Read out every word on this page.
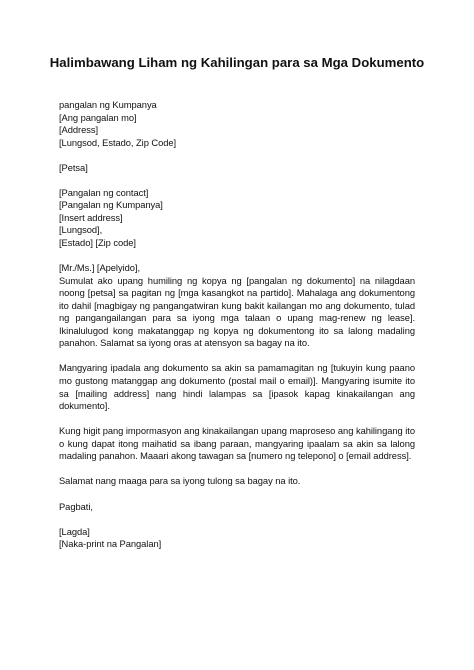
Halimbawang Liham ng Kahilingan para sa Mga Dokumento
pangalan ng Kumpanya
[Ang pangalan mo]
[Address]
[Lungsod, Estado, Zip Code]
[Petsa]
[Pangalan ng contact]
[Pangalan ng Kumpanya]
[Insert address]
[Lungsod],
[Estado] [Zip code]
[Mr./Ms.] [Apelyido],

Sumulat ako upang humiling ng kopya ng [pangalan ng dokumento] na nilagdaan noong [petsa] sa pagitan ng [mga kasangkot na partido]. Mahalaga ang dokumentong ito dahil [magbigay ng pangangatwiran kung bakit kailangan mo ang dokumento, tulad ng pangangailangan para sa iyong mga talaan o upang mag-renew ng lease]. Ikinalulugod kong makatanggap ng kopya ng dokumentong ito sa lalong madaling panahon. Salamat sa iyong oras at atensyon sa bagay na ito.

Mangyaring ipadala ang dokumento sa akin sa pamamagitan ng [tukuyin kung paano mo gustong matanggap ang dokumento (postal mail o email)]. Mangyaring isumite ito sa [mailing address] nang hindi lalampas sa [ipasok kapag kinakailangan ang dokumento].

Kung higit pang impormasyon ang kinakailangan upang maproseso ang kahilingang ito o kung dapat itong maihatid sa ibang paraan, mangyaring ipaalam sa akin sa lalong madaling panahon. Maaari akong tawagan sa [numero ng telepono] o [email address].

Salamat nang maaga para sa iyong tulong sa bagay na ito.

Pagbati,
[Lagda]
[Naka-print na Pangalan]
